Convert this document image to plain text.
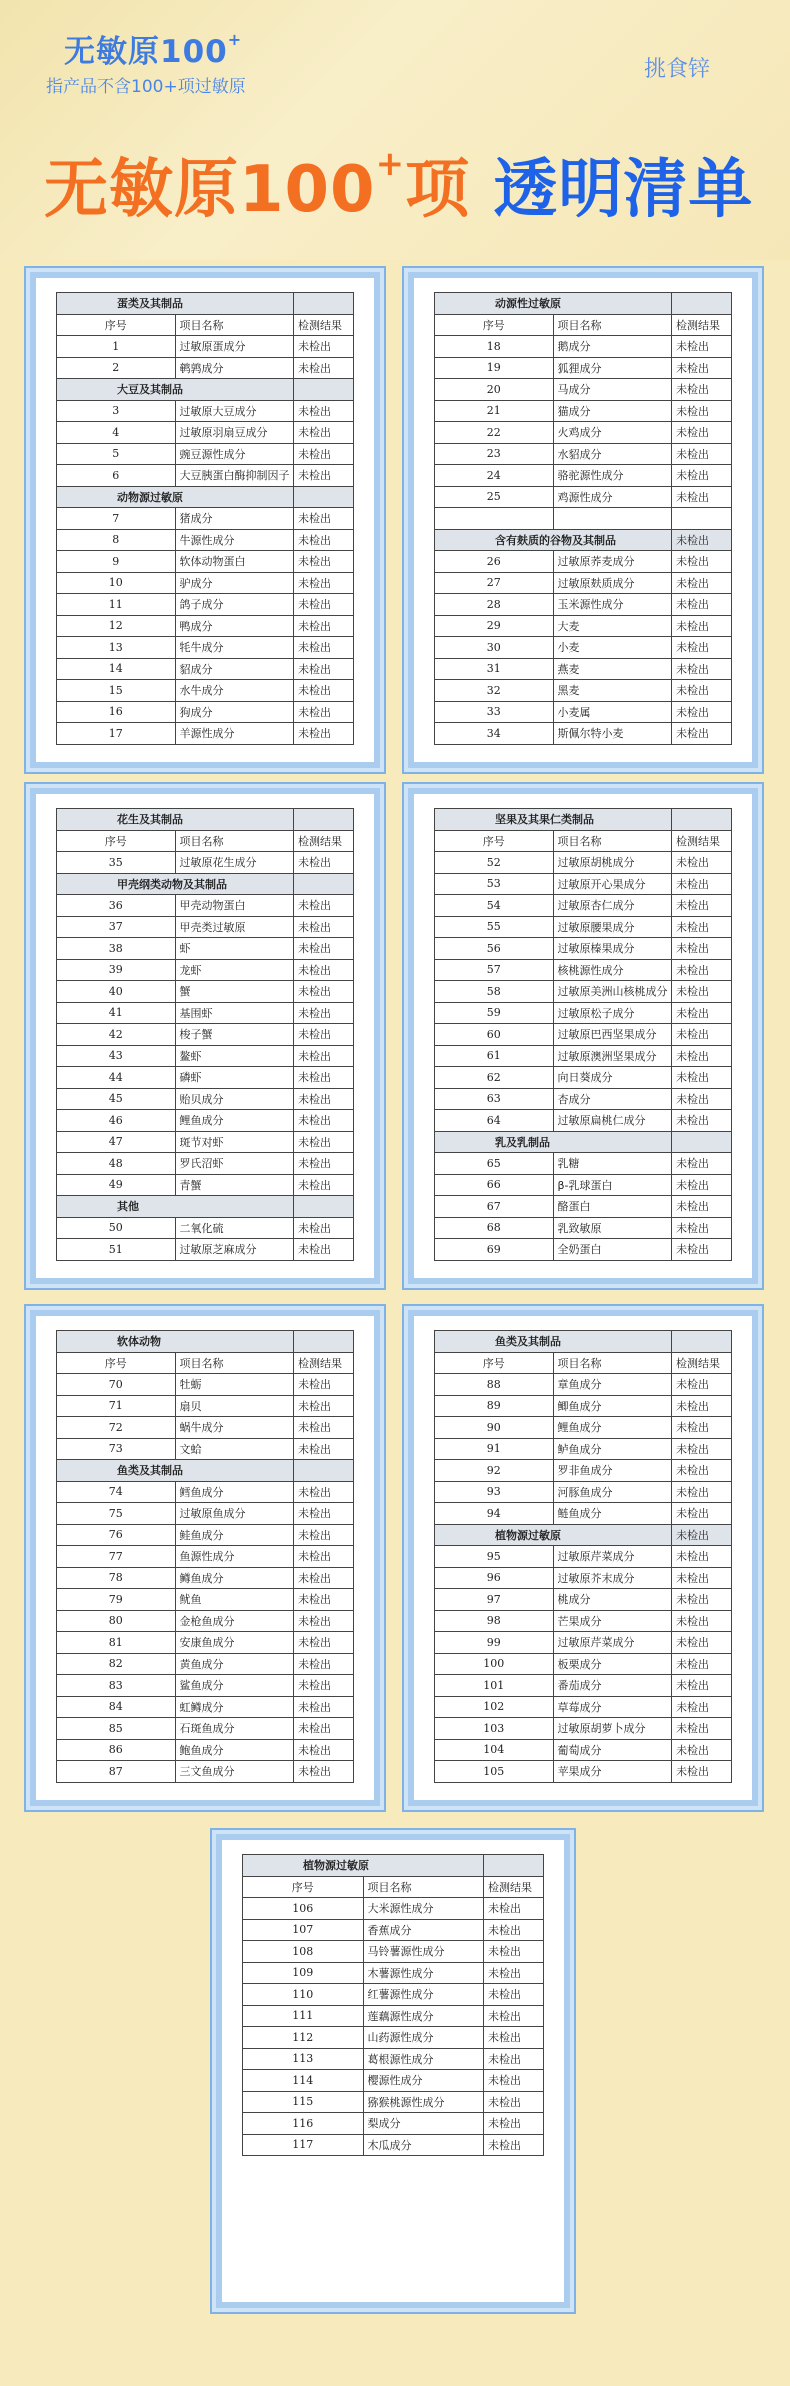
无敏原100+
指产品不含100+项过敏原
挑食锌
无敏原100+项 透明清单
蛋类及其制品		
序号	项目名称	检测结果
1	过敏原蛋成分	未检出
2	鹌鹑成分	未检出
大豆及其制品		
3	过敏原大豆成分	未检出
4	过敏原羽扇豆成分	未检出
5	豌豆源性成分	未检出
6	大豆胰蛋白酶抑制因子	未检出
动物源过敏原		
7	猪成分	未检出
8	牛源性成分	未检出
9	软体动物蛋白	未检出
10	驴成分	未检出
11	鸽子成分	未检出
12	鸭成分	未检出
13	牦牛成分	未检出
14	貂成分	未检出
15	水牛成分	未检出
16	狗成分	未检出
17	羊源性成分	未检出
动源性过敏原		
序号	项目名称	检测结果
18	鹅成分	未检出
19	狐狸成分	未检出
20	马成分	未检出
21	猫成分	未检出
22	火鸡成分	未检出
23	水貂成分	未检出
24	骆驼源性成分	未检出
25	鸡源性成分	未检出

含有麸质的谷物及其制品		未检出
26	过敏原荞麦成分	未检出
27	过敏原麸质成分	未检出
28	玉米源性成分	未检出
29	大麦	未检出
30	小麦	未检出
31	燕麦	未检出
32	黑麦	未检出
33	小麦属	未检出
34	斯佩尔特小麦	未检出
花生及其制品		
序号	项目名称	检测结果
35	过敏原花生成分	未检出
甲壳纲类动物及其制品		
36	甲壳动物蛋白	未检出
37	甲壳类过敏原	未检出
38	虾	未检出
39	龙虾	未检出
40	蟹	未检出
41	基围虾	未检出
42	梭子蟹	未检出
43	鳌虾	未检出
44	磷虾	未检出
45	贻贝成分	未检出
46	鲤鱼成分	未检出
47	斑节对虾	未检出
48	罗氏沼虾	未检出
49	青蟹	未检出
其他		
50	二氧化硫	未检出
51	过敏原芝麻成分	未检出
坚果及其果仁类制品		
序号	项目名称	检测结果
52	过敏原胡桃成分	未检出
53	过敏原开心果成分	未检出
54	过敏原杏仁成分	未检出
55	过敏原腰果成分	未检出
56	过敏原榛果成分	未检出
57	核桃源性成分	未检出
58	过敏原美洲山核桃成分	未检出
59	过敏原松子成分	未检出
60	过敏原巴西坚果成分	未检出
61	过敏原澳洲坚果成分	未检出
62	向日葵成分	未检出
63	杏成分	未检出
64	过敏原扁桃仁成分	未检出
乳及乳制品		
65	乳糖	未检出
66	β-乳球蛋白	未检出
67	酪蛋白	未检出
68	乳致敏原	未检出
69	全奶蛋白	未检出
软体动物		
序号	项目名称	检测结果
70	牡蛎	未检出
71	扇贝	未检出
72	蜗牛成分	未检出
73	文蛤	未检出
鱼类及其制品		
74	鳕鱼成分	未检出
75	过敏原鱼成分	未检出
76	鲑鱼成分	未检出
77	鱼源性成分	未检出
78	鳟鱼成分	未检出
79	鱿鱼	未检出
80	金枪鱼成分	未检出
81	安康鱼成分	未检出
82	黄鱼成分	未检出
83	鲨鱼成分	未检出
84	虹鳟成分	未检出
85	石斑鱼成分	未检出
86	鲍鱼成分	未检出
87	三文鱼成分	未检出
鱼类及其制品		
序号	项目名称	检测结果
88	章鱼成分	未检出
89	鲫鱼成分	未检出
90	鲤鱼成分	未检出
91	鲈鱼成分	未检出
92	罗非鱼成分	未检出
93	河豚鱼成分	未检出
94	鲢鱼成分	未检出
植物源过敏原		未检出
95	过敏原芹菜成分	未检出
96	过敏原芥末成分	未检出
97	桃成分	未检出
98	芒果成分	未检出
99	过敏原芹菜成分	未检出
100	板栗成分	未检出
101	番茄成分	未检出
102	草莓成分	未检出
103	过敏原胡萝卜成分	未检出
104	葡萄成分	未检出
105	苹果成分	未检出
植物源过敏原		
序号	项目名称	检测结果
106	大米源性成分	未检出
107	香蕉成分	未检出
108	马铃薯源性成分	未检出
109	木薯源性成分	未检出
110	红薯源性成分	未检出
111	莲藕源性成分	未检出
112	山药源性成分	未检出
113	葛根源性成分	未检出
114	樱源性成分	未检出
115	猕猴桃源性成分	未检出
116	梨成分	未检出
117	木瓜成分	未检出
